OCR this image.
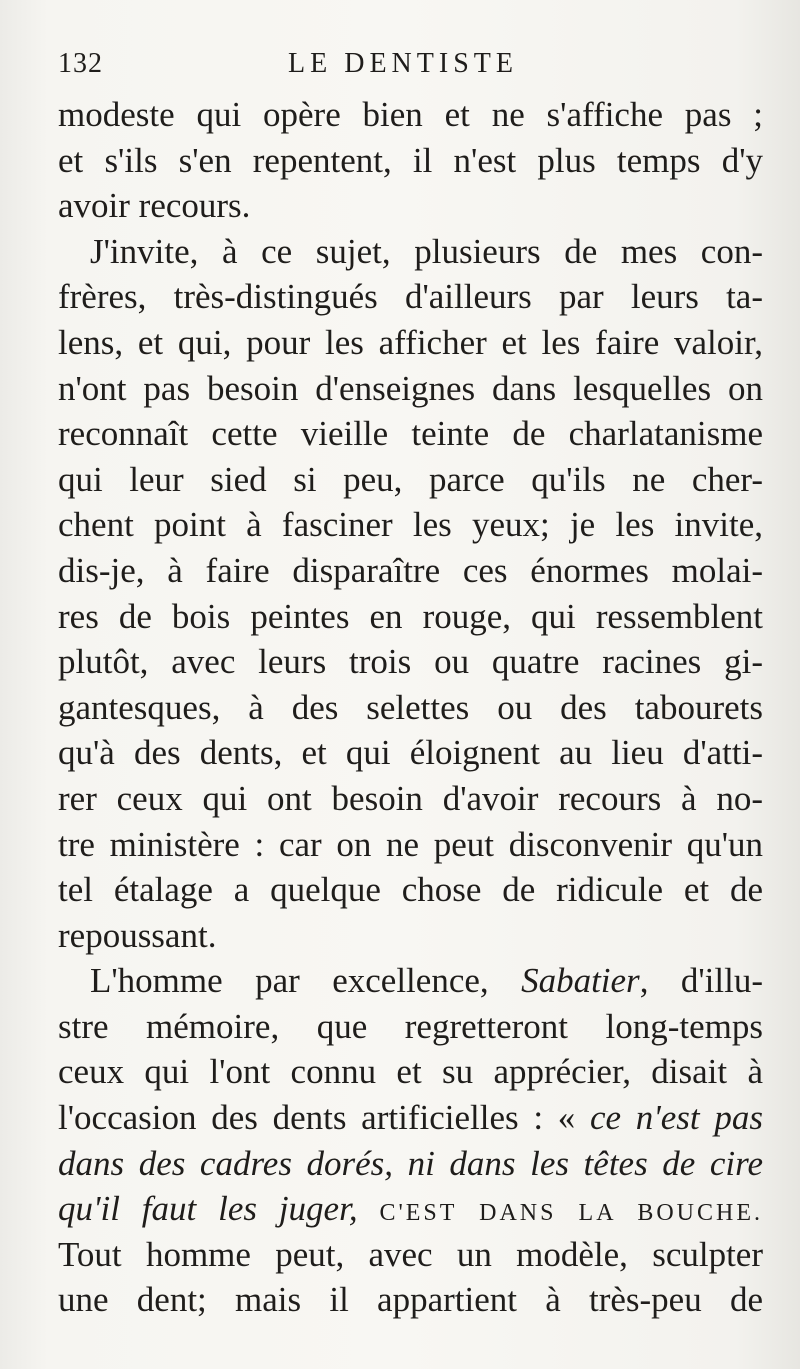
132	LE DENTISTE
modeste qui opère bien et ne s'affiche pas ;
et s'ils s'en repentent, il n'est plus temps d'y
avoir recours.
J'invite, à ce sujet, plusieurs de mes con-
frères, très-distingués d'ailleurs par leurs ta-
lens, et qui, pour les afficher et les faire valoir,
n'ont pas besoin d'enseignes dans lesquelles on
reconnaît cette vieille teinte de charlatanisme
qui leur sied si peu, parce qu'ils ne cher-
chent point à fasciner les yeux; je les invite,
dis-je, à faire disparaître ces énormes molai-
res de bois peintes en rouge, qui ressemblent
plutôt, avec leurs trois ou quatre racines gi-
gantesques, à des selettes ou des tabourets
qu'à des dents, et qui éloignent au lieu d'atti-
rer ceux qui ont besoin d'avoir recours à no-
tre ministère : car on ne peut disconvenir qu'un
tel étalage a quelque chose de ridicule et de
repoussant.
L'homme par excellence, Sabatier, d'illu-
stre mémoire, que regretteront long-temps
ceux qui l'ont connu et su apprécier, disait à
l'occasion des dents artificielles : « ce n'est pas
dans des cadres dorés, ni dans les têtes de cire
qu'il faut les juger, C'EST DANS LA BOUCHE.
Tout homme peut, avec un modèle, sculpter
une dent; mais il appartient à très-peu de
